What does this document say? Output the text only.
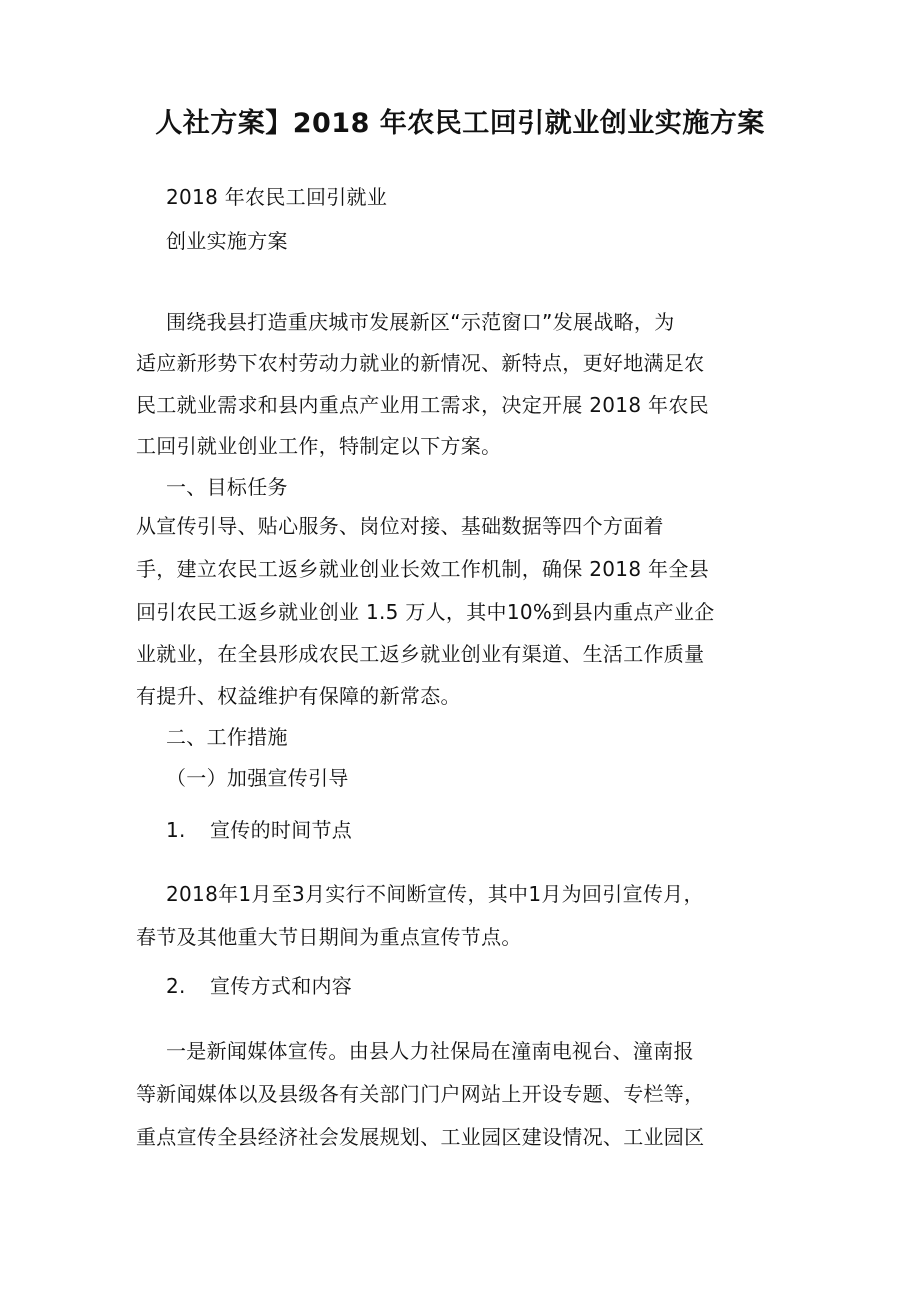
人社方案】2018 年农民工回引就业创业实施方案
2018 年农民工回引就业
创业实施方案
围绕我县打造重庆城市发展新区“示范窗口”发展战略，为
适应新形势下农村劳动力就业的新情况、新特点，更好地满足农
民工就业需求和县内重点产业用工需求，决定开展 2018 年农民
工回引就业创业工作，特制定以下方案。
一、目标任务
从宣传引导、贴心服务、岗位对接、基础数据等四个方面着
手，建立农民工返乡就业创业长效工作机制，确保 2018 年全县
回引农民工返乡就业创业 1.5 万人，其中10%到县内重点产业企
业就业，在全县形成农民工返乡就业创业有渠道、生活工作质量
有提升、权益维护有保障的新常态。
二、工作措施
（一）加强宣传引导
1. 宣传的时间节点
2018年1月至3月实行不间断宣传，其中1月为回引宣传月，
春节及其他重大节日期间为重点宣传节点。
2. 宣传方式和内容
一是新闻媒体宣传。由县人力社保局在潼南电视台、潼南报
等新闻媒体以及县级各有关部门门户网站上开设专题、专栏等，
重点宣传全县经济社会发展规划、工业园区建设情况、工业园区
